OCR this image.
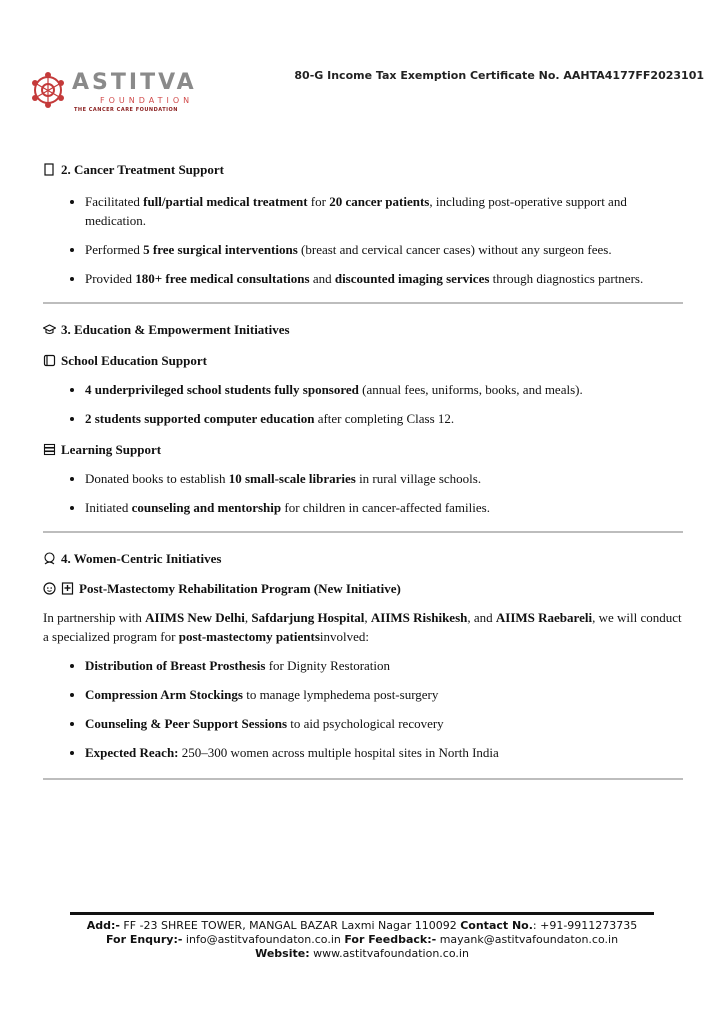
ASTITVA
FOUNDATION
THE CANCER CARE FOUNDATION
80-G Income Tax Exemption Certificate No. AAHTA4177FF2023101
2. Cancer Treatment Support
• Facilitated full/partial medical treatment for 20 cancer patients, including post-operative support and medication.
• Performed 5 free surgical interventions (breast and cervical cancer cases) without any surgeon fees.
• Provided 180+ free medical consultations and discounted imaging services through diagnostics partners.
3. Education & Empowerment Initiatives
School Education Support
• 4 underprivileged school students fully sponsored (annual fees, uniforms, books, and meals).
• 2 students supported computer education after completing Class 12.
Learning Support
• Donated books to establish 10 small-scale libraries in rural village schools.
• Initiated counseling and mentorship for children in cancer-affected families.
4. Women-Centric Initiatives
Post-Mastectomy Rehabilitation Program (New Initiative)

In partnership with AIIMS New Delhi, Safdarjung Hospital, AIIMS Rishikesh, and AIIMS Raebareli, we will conduct a specialized program for post-mastectomy patientsinvolved:

• Distribution of Breast Prosthesis for Dignity Restoration
• Compression Arm Stockings to manage lymphedema post-surgery
• Counseling & Peer Support Sessions to aid psychological recovery
• Expected Reach: 250–300 women across multiple hospital sites in North India
Add:- FF -23 SHREE TOWER, MANGAL BAZAR Laxmi Nagar 110092 Contact No.: +91-9911273735
For Enqury:- info@astitvafoundaton.co.in For Feedback:- mayank@astitvafoundaton.co.in
Website: www.astitvafoundation.co.in
